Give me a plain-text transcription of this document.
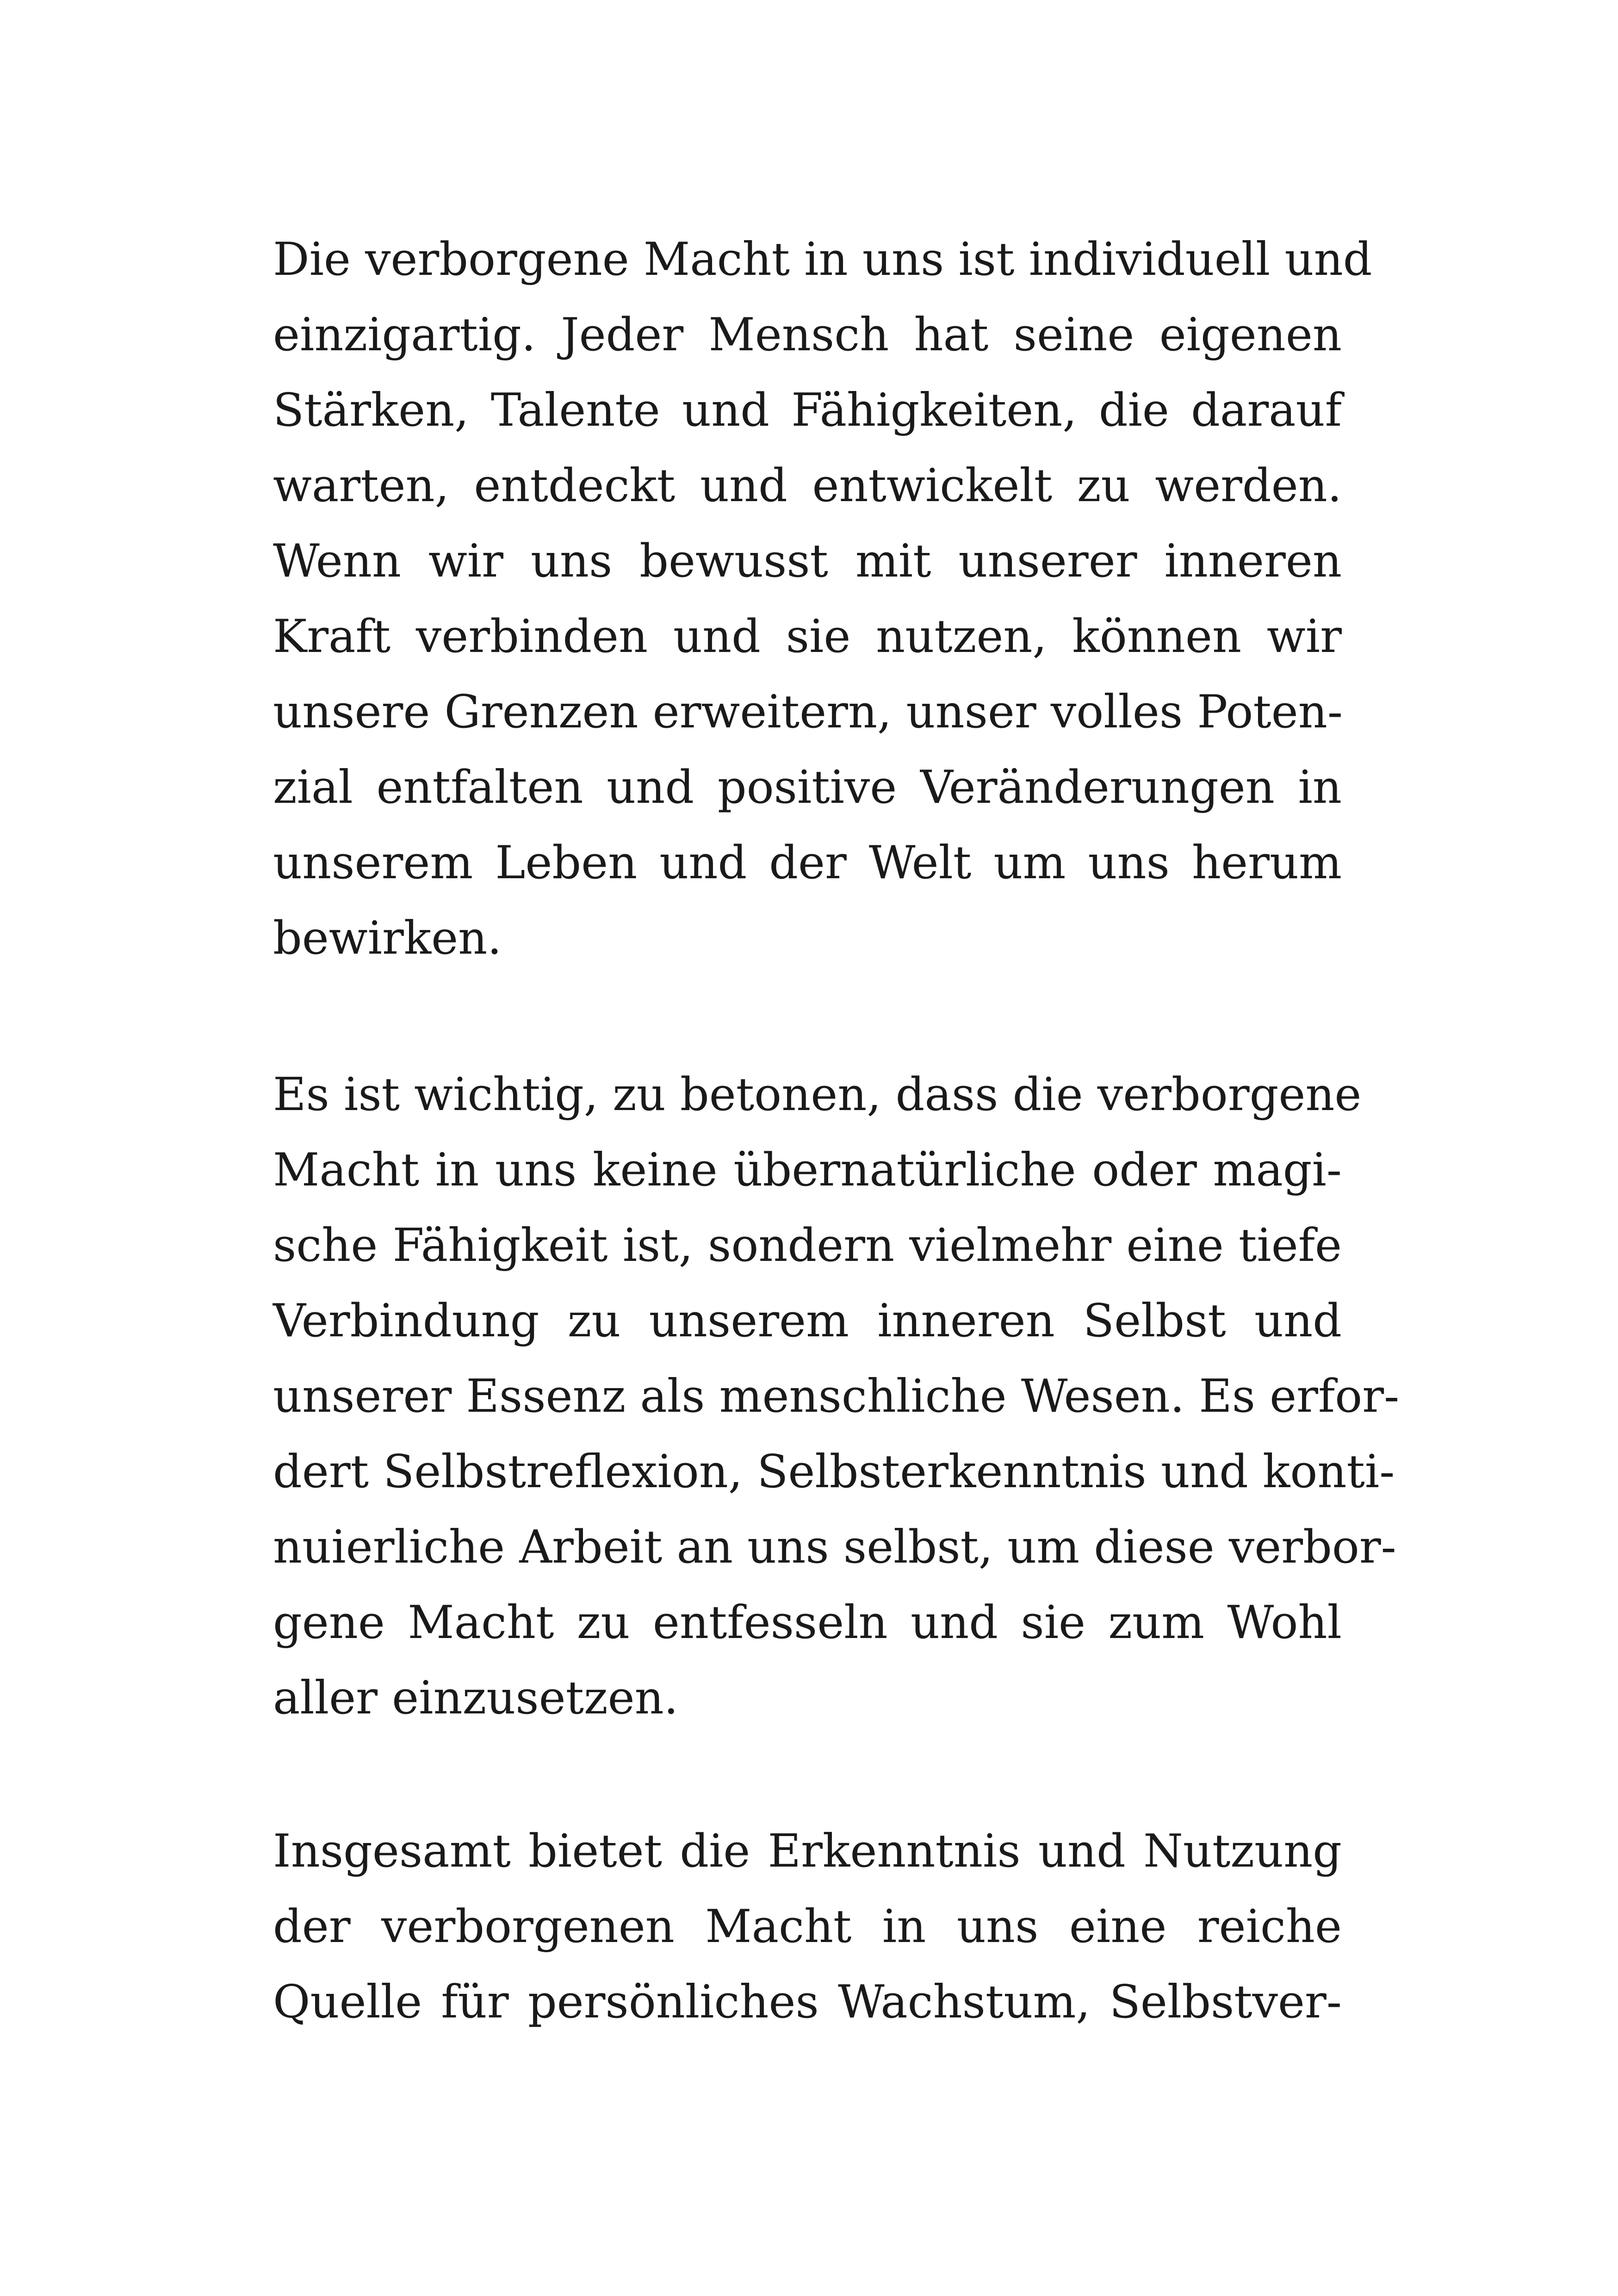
Die verborgene Macht in uns ist individuell und
einzigartig. Jeder Mensch hat seine eigenen
Stärken, Talente und Fähigkeiten, die darauf
warten, entdeckt und entwickelt zu werden.
Wenn wir uns bewusst mit unserer inneren
Kraft verbinden und sie nutzen, können wir
unsere Grenzen erweitern, unser volles Poten-
zial entfalten und positive Veränderungen in
unserem Leben und der Welt um uns herum
bewirken.
Es ist wichtig, zu betonen, dass die verborgene
Macht in uns keine übernatürliche oder magi-
sche Fähigkeit ist, sondern vielmehr eine tiefe
Verbindung zu unserem inneren Selbst und
unserer Essenz als menschliche Wesen. Es erfor-
dert Selbstreflexion, Selbsterkenntnis und konti-
nuierliche Arbeit an uns selbst, um diese verbor-
gene Macht zu entfesseln und sie zum Wohl
aller einzusetzen.
Insgesamt bietet die Erkenntnis und Nutzung
der verborgenen Macht in uns eine reiche
Quelle für persönliches Wachstum, Selbstver-
